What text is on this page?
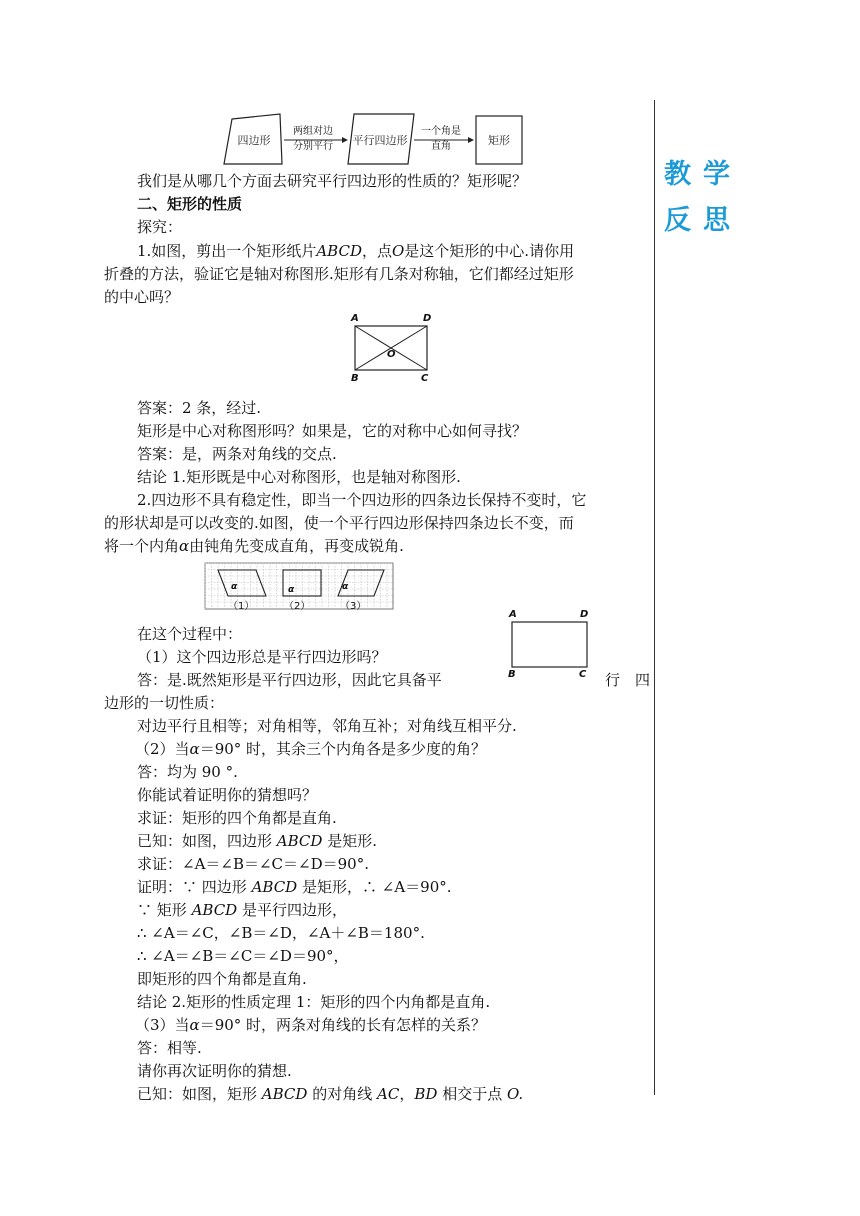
教学反思
四边形
两组对边
分别平行	平行四边形
一个角是
直角	矩形
我们是从哪几个方面去研究平行四边形的性质的？矩形呢？
二、矩形的性质
探究：
1.如图，剪出一个矩形纸片ABCD，点O是这个矩形的中心.请你用
折叠的方法，验证它是轴对称图形.矩形有几条对称轴，它们都经过矩形
的中心吗？
A	D
B	C
O
答案：2 条，经过.
矩形是中心对称图形吗？如果是，它的对称中心如何寻找？
答案：是，两条对角线的交点.
结论 1.矩形既是中心对称图形，也是轴对称图形.
2.四边形不具有稳定性，即当一个四边形的四条边长保持不变时，它
的形状却是可以改变的.如图，使一个平行四边形保持四条边长不变，而
将一个内角α由钝角先变成直角，再变成锐角.
α	α	α
（1）	（2）	（3）
A	D
B	C
在这个过程中：
（1）这个四边形总是平行四边形吗？
答：是.既然矩形是平行四边形，因此它具备平	行　四
边形的一切性质：
对边平行且相等；对角相等，邻角互补；对角线互相平分.
（2）当α＝90° 时，其余三个内角各是多少度的角？
答：均为 90 °.
你能试着证明你的猜想吗？
求证：矩形的四个角都是直角.
已知：如图，四边形 ABCD 是矩形.
求证：∠A＝∠B＝∠C＝∠D＝90°.
证明：∵ 四边形 ABCD 是矩形，∴ ∠A＝90°.
∵ 矩形 ABCD 是平行四边形，
∴ ∠A＝∠C，∠B＝∠D，∠A＋∠B＝180°.
∴ ∠A＝∠B＝∠C＝∠D＝90°，
即矩形的四个角都是直角.
结论 2.矩形的性质定理 1：矩形的四个内角都是直角.
（3）当α＝90° 时，两条对角线的长有怎样的关系？
答：相等.
请你再次证明你的猜想.
已知：如图，矩形 ABCD 的对角线 AC，BD 相交于点 O.
